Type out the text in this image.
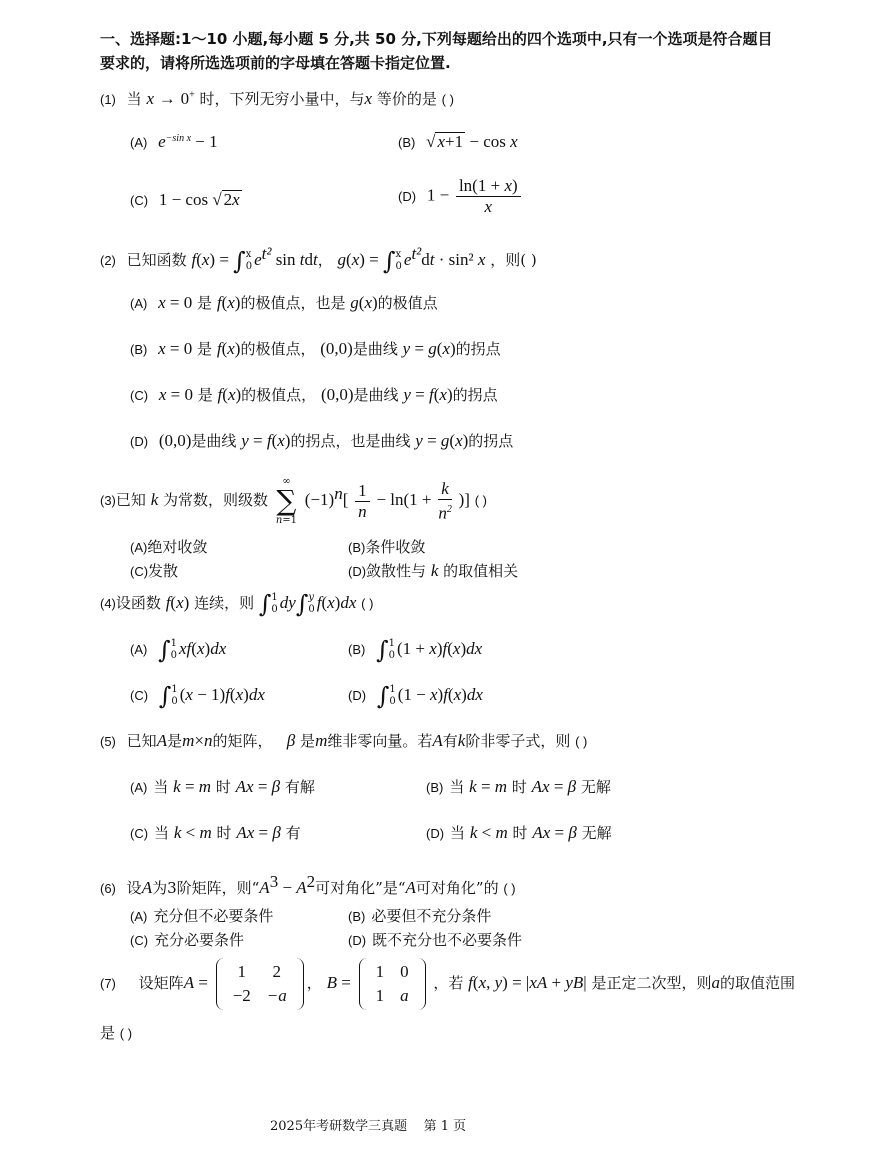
一、选择题:1～10 小题,每小题 5 分,共 50 分,下列每题给出的四个选项中,只有一个选项是符合题目
要求的，请将所选选项前的字母填在答题卡指定位置.
(1) 当 x → 0+ 时，下列无穷小量中，与x 等价的是 ( )
(A) $e^{-sin x} - 1$	(B) √ x+1 − cos x
(C) 1 − cos √ 2x	(D) $1 - \frac{\ln(1 + x)}{x}$
(2) 已知函数 f(x) = ∫x
0 $e^{t^2}$ sin tdt， g(x) = ∫x
0 $e^{t^2}dt \cdot \sin^2$ x ，则( )
(A) x = 0 是 f(x)的极值点，也是 g(x)的极值点
(B) x = 0 是 f(x)的极值点， (0,0)是曲线 y = g(x)的拐点
(C) x = 0 是 f(x)的极值点， (0,0)是曲线 y = f(x)的拐点
(D) (0,0)是曲线 y = f(x)的拐点，也是曲线 y = g(x)的拐点
(3)已知 k 为常数，则级数 ∞
∑
n=1 $(-1)^n[ \frac{1}{n} - \ln(1 + \frac{k}{n^2}$ )] ( )
(A)绝对收敛	(B)条件收敛
(C)发散	(D)敛散性与 k 的取值相关
(4)设函数 f(x) 连续，则 ∫1
0 dy∫y
0 f(x)dx ( )
(A) ∫1
0 xf(x)dx	(B) ∫1
0 (1 + x)f(x)dx
(C) ∫1
0 (x − 1)f(x)dx	(D) ∫1
0 (1 − x)f(x)dx
(5) 已知A是m×n的矩阵， β 是m维非零向量。若A有k阶非零子式，则 ( )
(A) 当 k = m 时 Ax = β 有解	(B) 当 k = m 时 Ax = β 无解
(C) 当 k < m 时 Ax = β 有	(D) 当 k < m 时 Ax = β 无解
(6) 设A为3阶矩阵，则“$A^3 - A^2$可对角化”是“A可对角化”的 ( )
(A) 充分但不必要条件	(B) 必要但不充分条件
(C) 充分必要条件	(D) 既不充分也不必要条件
(7) 设矩阵A =
1	2
−2	−a
， B =
1	0
1	a
，若 f(x, y) = |xA + yB| 是正定二次型，则a的取值范围
是 ( )
2025年考研数学三真题 第 1 页
